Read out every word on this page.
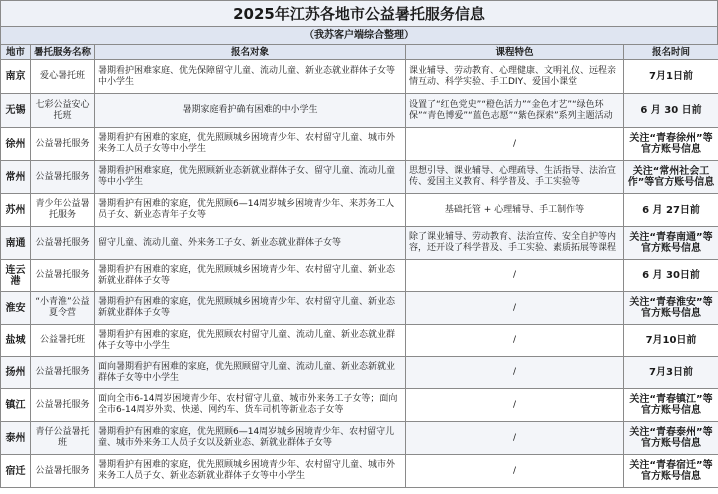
2025年江苏各地市公益暑托服务信息
（我苏客户端综合整理）
地市	暑托服务名称	报名对象	课程特色	报名时间
南京	爱心暑托班	暑期看护困难家庭、优先保障留守儿童、流动儿童、新业态就业群体子女等中小学生	课业辅导、劳动教育、心理健康、文明礼仪、远程亲情互动、科学实验、手工DIY、爱国小课堂	7月1日前
无锡	七彩公益安心托班	暑期家庭看护确有困难的中小学生	设置了“红色党史”“橙色活力”“金色才艺”“绿色环保”“青色博爱”“蓝色志愿”“紫色探索”系列主题活动	6 月 30 日前
徐州	公益暑托服务	暑期看护有困难的家庭，优先照顾城乡困境青少年、农村留守儿童、城市外来务工人员子女等中小学生	/	关注“青春徐州”等官方账号信息
常州	公益暑托服务	暑期看护困难家庭，优先照顾新业态新就业群体子女、留守儿童、流动儿童等中小学生	思想引导、课业辅导、心理疏导、生活指导、法治宣传、爱国主义教育、科学普及、手工实验等	关注“常州社会工作”等官方账号信息
苏州	青少年公益暑托服务	暑期看护有困难的家庭，优先照顾6—14周岁城乡困境青少年、来苏务工人员子女、新业态青年子女等	基础托管 + 心理辅导、手工制作等	6 月 27日前
南通	公益暑托服务	留守儿童、流动儿童、外来务工子女、新业态就业群体子女等	除了课业辅导、劳动教育、法治宣传、安全自护等内容，还开设了科学普及、手工实验、素质拓展等课程	关注“青春南通”等官方账号信息
连云港	公益暑托服务	暑期看护有困难的家庭，优先照顾城乡困境青少年、农村留守儿童、新业态新就业群体子女等	/	6 月 30日前
淮安	“小青淮”公益夏令营	暑期看护有困难的家庭，优先照顾城乡困境青少年、农村留守儿童、新业态新就业群体子女等	/	关注“青春淮安”等官方账号信息
盐城	公益暑托班	暑期看护有困难的家庭，优先照顾农村留守儿童、流动儿童、新业态就业群体子女等中小学生	/	7月10日前
扬州	公益暑托服务	面向暑期看护有困难的家庭，优先照顾留守儿童、流动儿童、新业态新就业群体子女等中小学生	/	7月3日前
镇江	公益暑托服务	面向全市6-14周岁困境青少年、农村留守儿童、城市外来务工子女等；面向全市6-14周岁外卖、快递、网约车、货车司机等新业态子女等	/	关注“青春镇江”等官方账号信息
泰州	青仔公益暑托班	暑期看护有困难的家庭，优先照顾6—14周岁城乡困境青少年、农村留守儿童、城市外来务工人员子女以及新业态、新就业群体子女等	/	关注“青春泰州”等官方账号信息
宿迁	公益暑托服务	暑期看护有困难的家庭，优先照顾城乡困境青少年、农村留守儿童、城市外来务工人员子女、新业态新就业群体子女等中小学生	/	关注“青春宿迁”等官方账号信息
